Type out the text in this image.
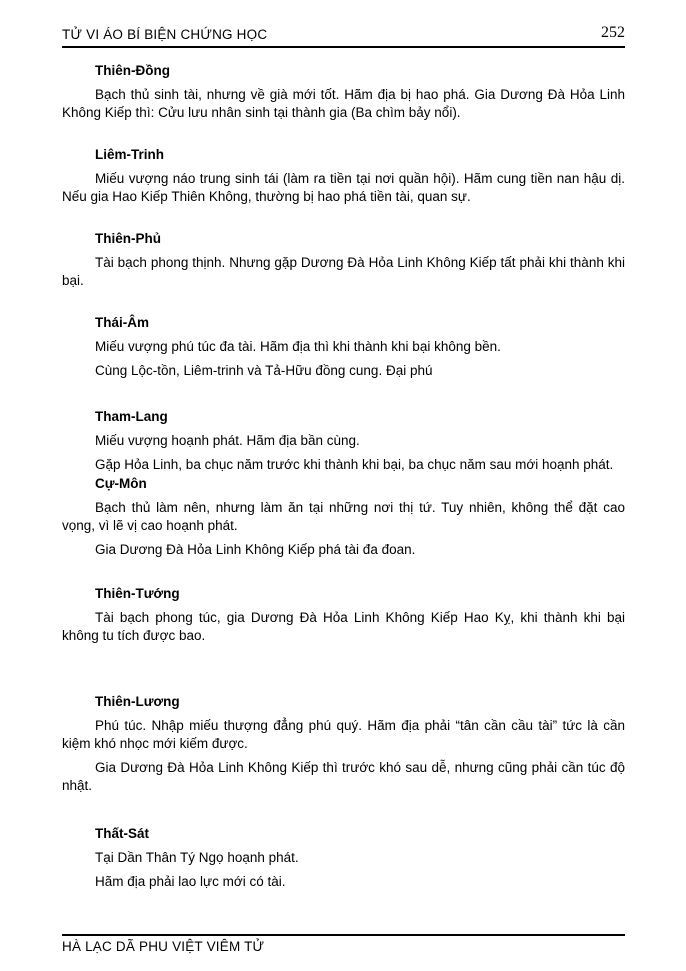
TỬ VI ÁO BÍ BIỆN CHỨNG HỌC	252
Thiên-Đồng

Bạch thủ sinh tài, nhưng về già mới tốt. Hãm địa bị hao phá. Gia Dương Đà Hỏa Linh Không Kiếp thì: Cửu lưu nhân sinh tại thành gia (Ba chìm bảy nổi).

Liêm-Trinh

Miếu vượng náo trung sinh tái (làm ra tiền tại nơi quần hội). Hãm cung tiền nan hậu dị. Nếu gia Hao Kiếp Thiên Không, thường bị hao phá tiền tài, quan sự.

Thiên-Phủ

Tài bạch phong thịnh. Nhưng gặp Dương Đà Hỏa Linh Không Kiếp tất phải khi thành khi bại.

Thái-Âm

Miếu vượng phú túc đa tài. Hãm địa thì khi thành khi bại không bền.

Cùng Lộc-tồn, Liêm-trinh và Tả-Hữu đồng cung. Đại phú

Tham-Lang

Miếu vượng hoạnh phát. Hãm địa bần cùng.

Gặp Hỏa Linh, ba chục năm trước khi thành khi bại, ba chục năm sau mới hoạnh phát.

Cự-Môn

Bạch thủ làm nên, nhưng làm ăn tại những nơi thị tứ. Tuy nhiên, không thể đặt cao vọng, vì lẽ vị cao hoạnh phát.

Gia Dương Đà Hỏa Linh Không Kiếp phá tài đa đoan.

Thiên-Tướng

Tài bạch phong túc, gia Dương Đà Hỏa Linh Không Kiếp Hao Kỵ, khi thành khi bại không tu tích được bao.

Thiên-Lương

Phú túc. Nhập miếu thượng đẳng phú quý. Hãm địa phải “tân cần cầu tài” tức là cần kiệm khó nhọc mới kiếm được.

Gia Dương Đà Hỏa Linh Không Kiếp thì trước khó sau dễ, nhưng cũng phải cần túc độ nhật.

Thất-Sát

Tại Dần Thân Tý Ngọ hoạnh phát.

Hãm địa phải lao lực mới có tài.

HÀ LẠC DÃ PHU VIỆT VIÊM TỬ
